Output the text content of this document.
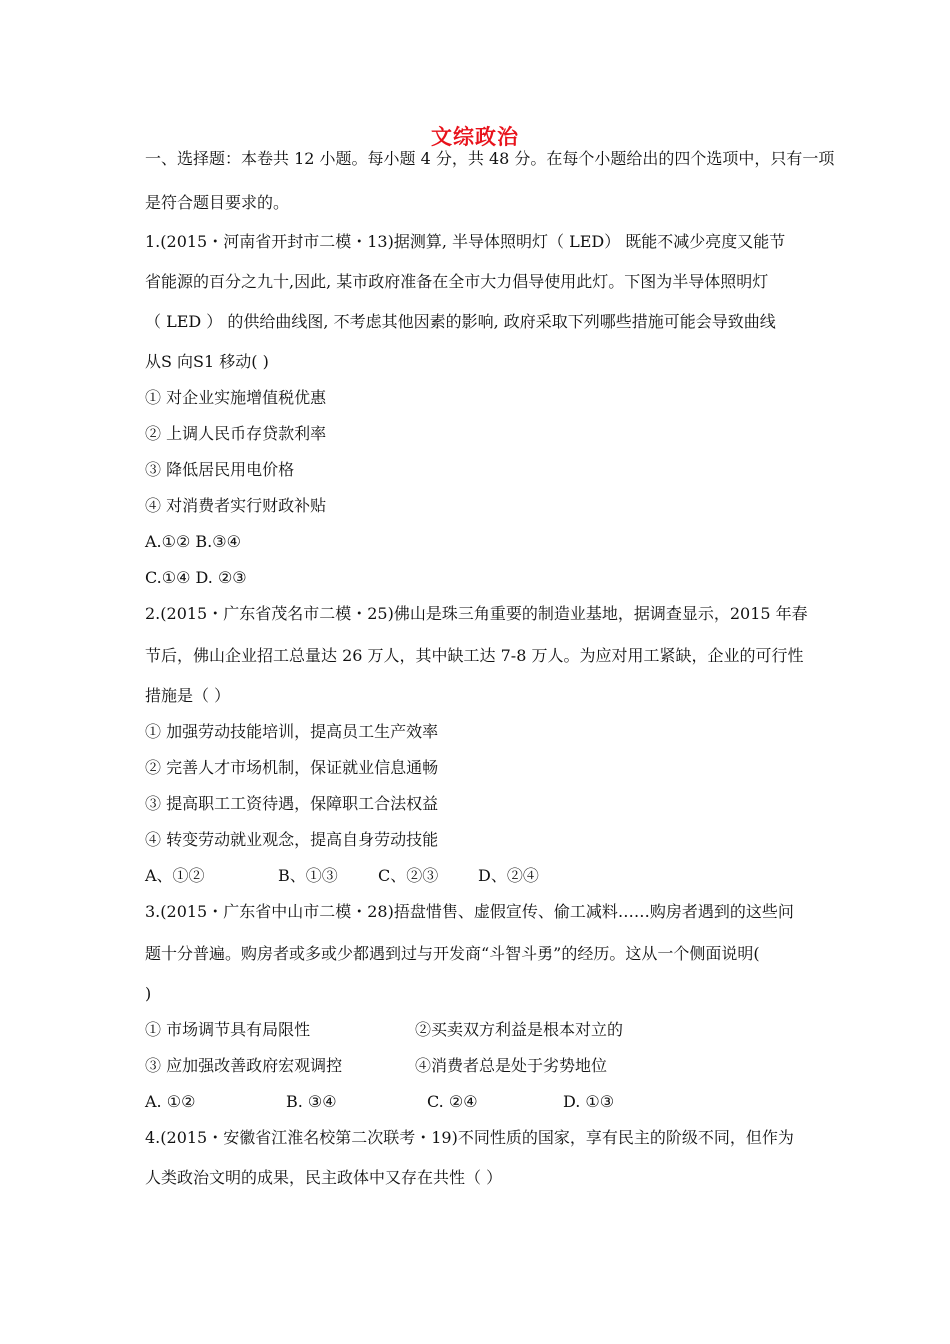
文综政治
一、选择题：本卷共 12 小题。每小题 4 分，共 48 分。在每个小题给出的四个选项中，只有一项
是符合题目要求的。
1.(2015・河南省开封市二模・13)据测算, 半导体照明灯（ LED） 既能不减少亮度又能节
省能源的百分之九十,因此, 某市政府准备在全市大力倡导使用此灯。下图为半导体照明灯
（ LED ） 的供给曲线图, 不考虑其他因素的影响, 政府采取下列哪些措施可能会导致曲线
从S 向S1 移动( )
① 对企业实施增值税优惠
② 上调人民币存贷款利率
③ 降低居民用电价格
④ 对消费者实行财政补贴
A.①② B.③④
C.①④ D. ②③
2.(2015・广东省茂名市二模・25)佛山是珠三角重要的制造业基地，据调查显示，2015 年春
节后，佛山企业招工总量达 26 万人，其中缺工达 7-8 万人。为应对用工紧缺，企业的可行性
措施是（ ）
① 加强劳动技能培训，提高员工生产效率
② 完善人才市场机制，保证就业信息通畅
③ 提高职工工资待遇，保障职工合法权益
④ 转变劳动就业观念，提高自身劳动技能
A、①②	B、①③	C、②③ D、②④
3.(2015・广东省中山市二模・28)捂盘惜售、虚假宣传、偷工减料……购房者遇到的这些问
题十分普遍。购房者或多或少都遇到过与开发商“斗智斗勇”的经历。这从一个侧面说明(
)
① 市场调节具有局限性	②买卖双方利益是根本对立的
③ 应加强改善政府宏观调控	④消费者总是处于劣势地位
A. ①②	B. ③④	C. ②④	D. ①③
4.(2015・安徽省江淮名校第二次联考・19)不同性质的国家，享有民主的阶级不同，但作为
人类政治文明的成果，民主政体中又存在共性（ ）
